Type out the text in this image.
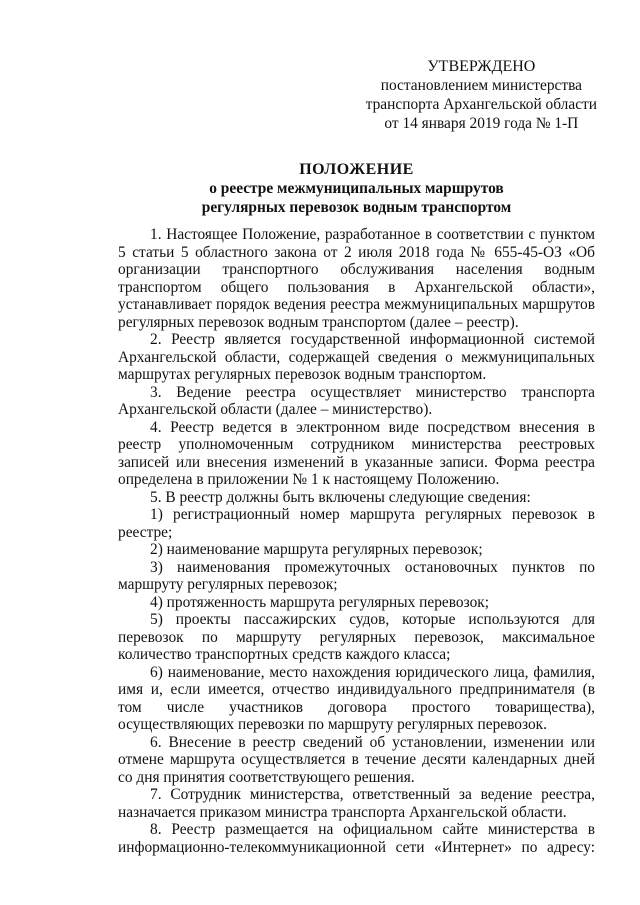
УТВЕРЖДЕНО
постановлением министерства
транспорта Архангельской области
от 14 января 2019 года № 1-П
ПОЛОЖЕНИЕ
о реестре межмуниципальных маршрутов
регулярных перевозок водным транспортом

1. Настоящее Положение, разработанное в соответствии с пунктом 5 статьи 5 областного закона от 2 июля 2018 года № 655-45-ОЗ «Об организации транспортного обслуживания населения водным транспортом общего пользования в Архангельской области», устанавливает порядок ведения реестра межмуниципальных маршрутов регулярных перевозок водным транспортом (далее – реестр).

2. Реестр является государственной информационной системой Архангельской области, содержащей сведения о межмуниципальных маршрутах регулярных перевозок водным транспортом.

3. Ведение реестра осуществляет министерство транспорта Архангельской области (далее – министерство).

4. Реестр ведется в электронном виде посредством внесения в реестр уполномоченным сотрудником министерства реестровых записей или внесения изменений в указанные записи. Форма реестра определена в приложении № 1 к настоящему Положению.

5. В реестр должны быть включены следующие сведения:

1) регистрационный номер маршрута регулярных перевозок в реестре;

2) наименование маршрута регулярных перевозок;

3) наименования промежуточных остановочных пунктов по маршруту регулярных перевозок;

4) протяженность маршрута регулярных перевозок;

5) проекты пассажирских судов, которые используются для перевозок по маршруту регулярных перевозок, максимальное количество транспортных средств каждого класса;

6) наименование, место нахождения юридического лица, фамилия, имя и, если имеется, отчество индивидуального предпринимателя (в том числе участников договора простого товарищества), осуществляющих перевозки по маршруту регулярных перевозок.

6. Внесение в реестр сведений об установлении, изменении или отмене маршрута осуществляется в течение десяти календарных дней со дня принятия соответствующего решения.

7. Сотрудник министерства, ответственный за ведение реестра, назначается приказом министра транспорта Архангельской области.

8. Реестр размещается на официальном сайте министерства в информационно-телекоммуникационной сети «Интернет» по адресу:
